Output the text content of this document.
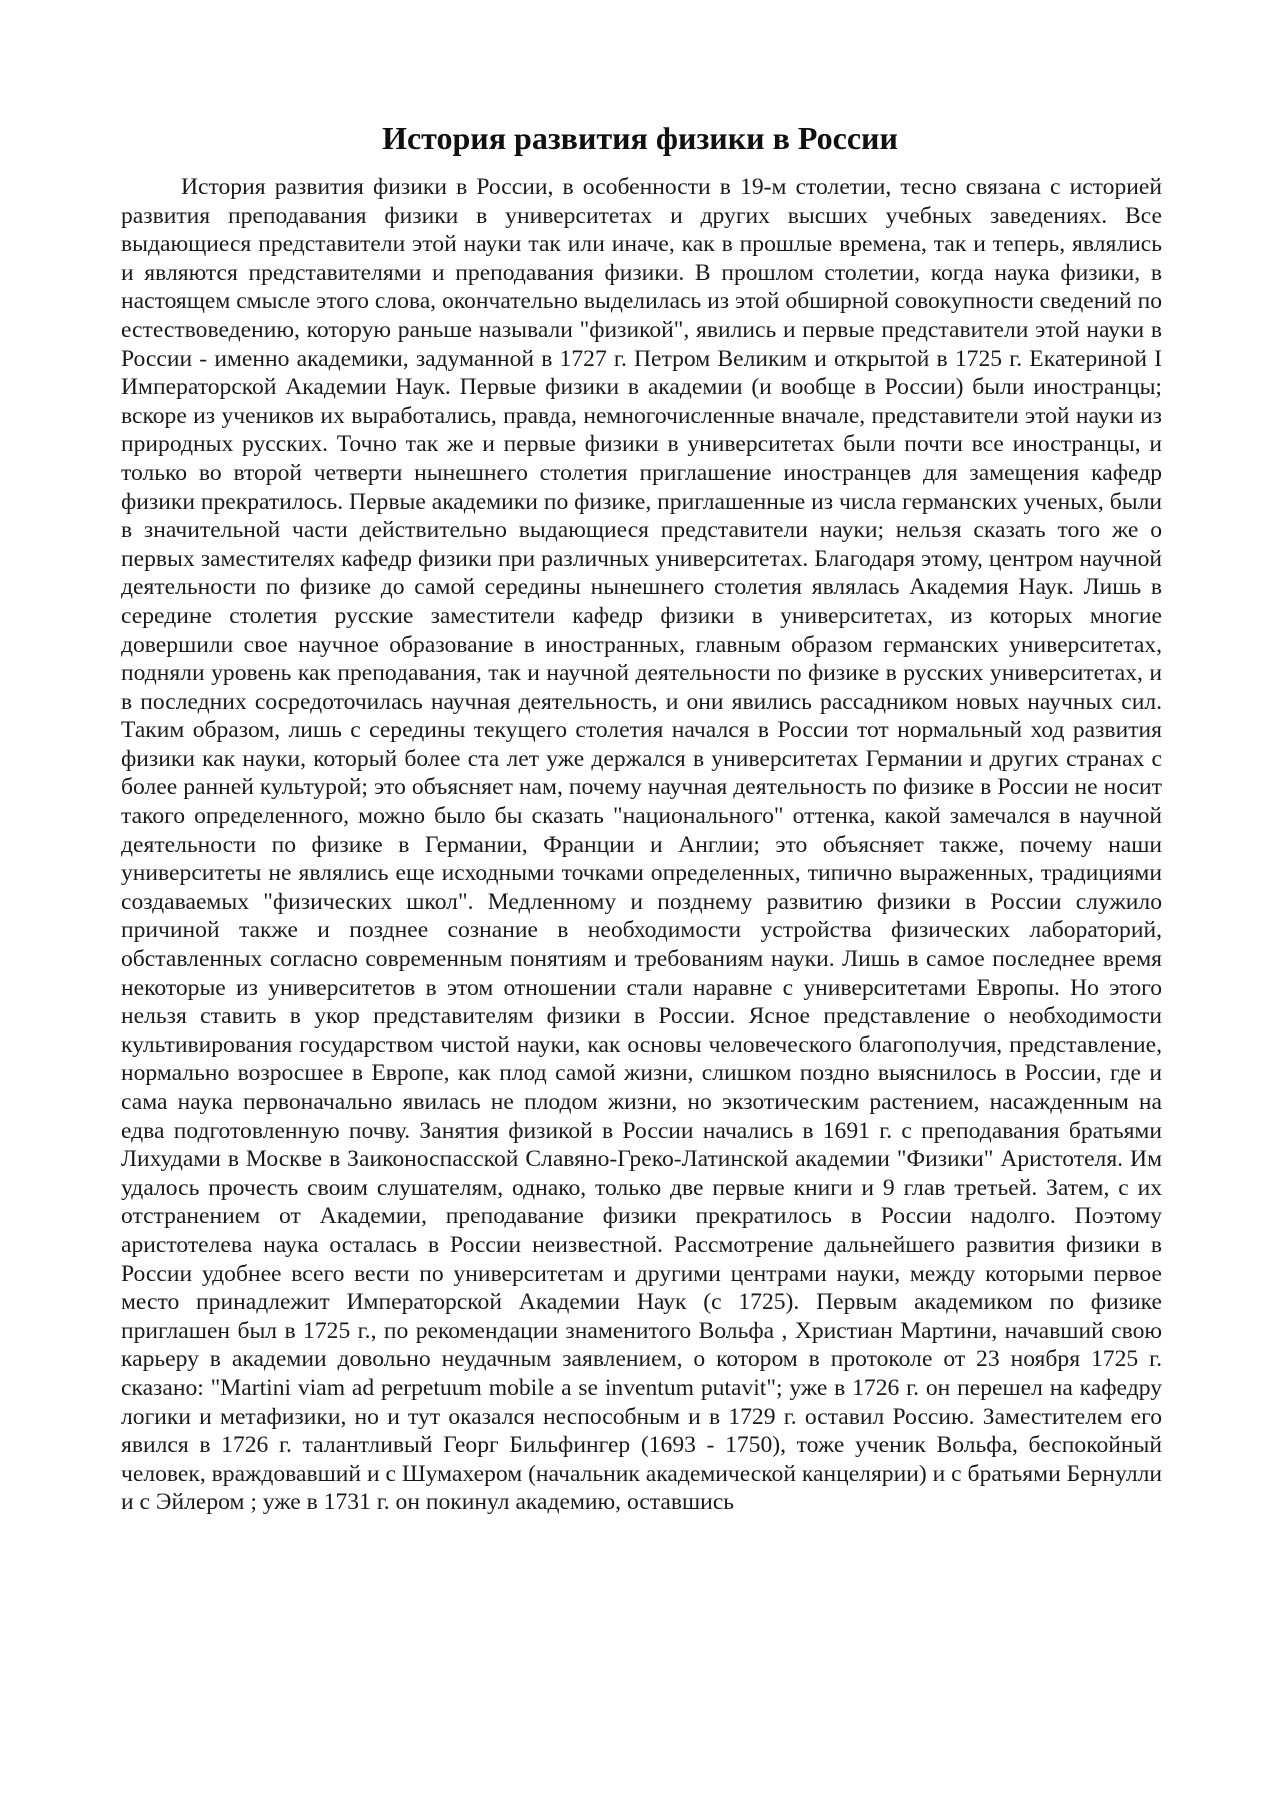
История развития физики в России

История развития физики в России, в особенности в 19-м столетии, тесно связана с историей развития преподавания физики в университетах и других высших учебных заведениях. Все выдающиеся представители этой науки так или иначе, как в прошлые времена, так и теперь, являлись и являются представителями и преподавания физики. В прошлом столетии, когда наука физики, в настоящем смысле этого слова, окончательно выделилась из этой обширной совокупности сведений по естествоведению, которую раньше называли "физикой", явились и первые представители этой науки в России - именно академики, задуманной в 1727 г. Петром Великим и открытой в 1725 г. Екатериной I Императорской Академии Наук. Первые физики в академии (и вообще в России) были иностранцы; вскоре из учеников их выработались, правда, немногочисленные вначале, представители этой науки из природных русских. Точно так же и первые физики в университетах были почти все иностранцы, и только во второй четверти нынешнего столетия приглашение иностранцев для замещения кафедр физики прекратилось. Первые академики по физике, приглашенные из числа германских ученых, были в значительной части действительно выдающиеся представители науки; нельзя сказать того же о первых заместителях кафедр физики при различных университетах. Благодаря этому, центром научной деятельности по физике до самой середины нынешнего столетия являлась Академия Наук. Лишь в середине столетия русские заместители кафедр физики в университетах, из которых многие довершили свое научное образование в иностранных, главным образом германских университетах, подняли уровень как преподавания, так и научной деятельности по физике в русских университетах, и в последних сосредоточилась научная деятельность, и они явились рассадником новых научных сил. Таким образом, лишь с середины текущего столетия начался в России тот нормальный ход развития физики как науки, который более ста лет уже держался в университетах Германии и других странах с более ранней культурой; это объясняет нам, почему научная деятельность по физике в России не носит такого определенного, можно было бы сказать "национального" оттенка, какой замечался в научной деятельности по физике в Германии, Франции и Англии; это объясняет также, почему наши университеты не являлись еще исходными точками определенных, типично выраженных, традициями создаваемых "физических школ". Медленному и позднему развитию физики в России служило причиной также и позднее сознание в необходимости устройства физических лабораторий, обставленных согласно современным понятиям и требованиям науки. Лишь в самое последнее время некоторые из университетов в этом отношении стали наравне с университетами Европы. Но этого нельзя ставить в укор представителям физики в России. Ясное представление о необходимости культивирования государством чистой науки, как основы человеческого благополучия, представление, нормально возросшее в Европе, как плод самой жизни, слишком поздно выяснилось в России, где и сама наука первоначально явилась не плодом жизни, но экзотическим растением, насажденным на едва подготовленную почву. Занятия физикой в России начались в 1691 г. с преподавания братьями Лихудами в Москве в Заиконоспасской Славяно-Греко-Латинской академии "Физики" Аристотеля. Им удалось прочесть своим слушателям, однако, только две первые книги и 9 глав третьей. Затем, с их отстранением от Академии, преподавание физики прекратилось в России надолго. Поэтому аристотелева наука осталась в России неизвестной. Рассмотрение дальнейшего развития физики в России удобнее всего вести по университетам и другими центрами науки, между которыми первое место принадлежит Императорской Академии Наук (с 1725). Первым академиком по физике приглашен был в 1725 г., по рекомендации знаменитого Вольфа , Христиан Мартини, начавший свою карьеру в академии довольно неудачным заявлением, о котором в протоколе от 23 ноября 1725 г. сказано: "Martini viam ad perpetuum mobile a se inventum putavit"; уже в 1726 г. он перешел на кафедру логики и метафизики, но и тут оказался неспособным и в 1729 г. оставил Россию. Заместителем его явился в 1726 г. талантливый Георг Бильфингер (1693 - 1750), тоже ученик Вольфа, беспокойный человек, враждовавший и с Шумахером (начальник академической канцелярии) и с братьями Бернулли и с Эйлером ; уже в 1731 г. он покинул академию, оставшись
